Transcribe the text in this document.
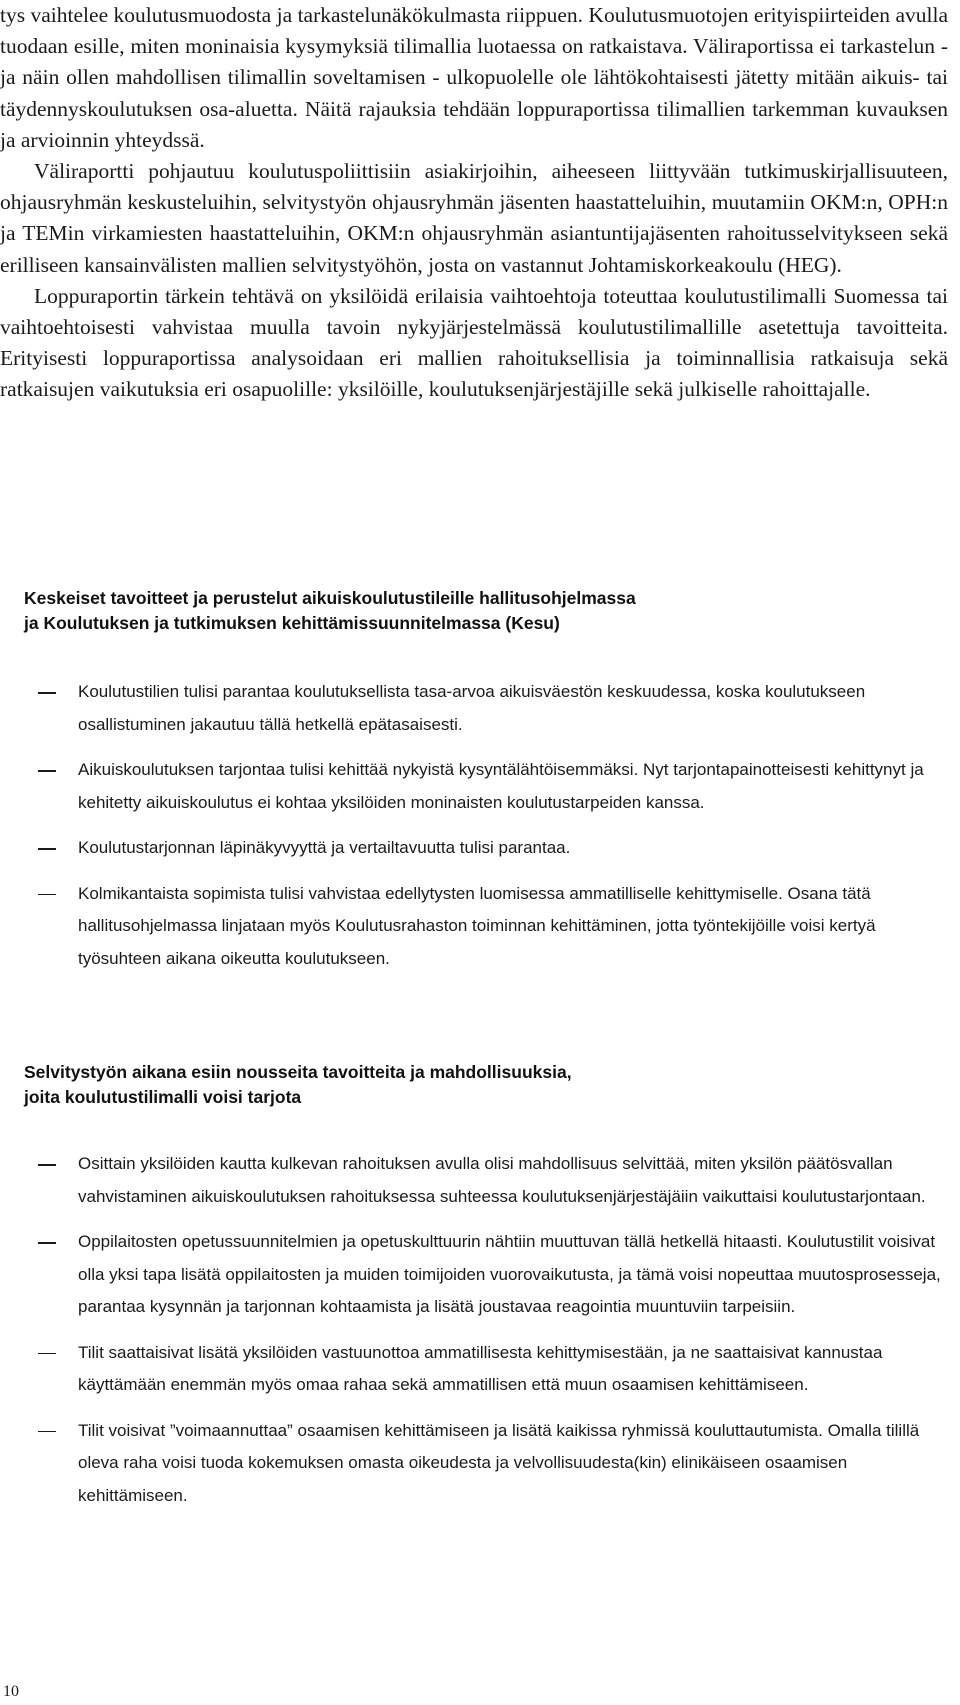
tys vaihtelee koulutusmuodosta ja tarkastelunäkökulmasta riippuen. Koulutusmuotojen erityispiirteiden avulla tuodaan esille, miten moninaisia kysymyksiä tilimallia luotaessa on ratkaistava. Väliraportissa ei tarkastelun - ja näin ollen mahdollisen tilimallin soveltamisen - ulkopuolelle ole lähtökohtaisesti jätetty mitään aikuis- tai täydennyskoulutuksen osa-aluetta. Näitä rajauksia tehdään loppuraportissa tilimallien tarkemman kuvauksen ja arvioinnin yhteydssä.

Väliraportti pohjautuu koulutuspoliittisiin asiakirjoihin, aiheeseen liittyvään tutkimuskirjallisuuteen, ohjausryhmän keskusteluihin, selvitystyön ohjausryhmän jäsenten haastatteluihin, muutamiin OKM:n, OPH:n ja TEMin virkamiesten haastatteluihin, OKM:n ohjausryhmän asiantuntijajäsenten rahoitusselvitykseen sekä erilliseen kansainvälisten mallien selvitystyöhön, josta on vastannut Johtamiskorkeakoulu (HEG).

Loppuraportin tärkein tehtävä on yksilöidä erilaisia vaihtoehtoja toteuttaa koulutustilimalli Suomessa tai vaihtoehtoisesti vahvistaa muulla tavoin nykyjärjestelmässä koulutustilimallille asetettuja tavoitteita. Erityisesti loppuraportissa analysoidaan eri mallien rahoituksellisia ja toiminnallisia ratkaisuja sekä ratkaisujen vaikutuksia eri osapuolille: yksilöille, koulutuksenjärjestäjille sekä julkiselle rahoittajalle.

Keskeiset tavoitteet ja perustelut aikuiskoulutustileille hallitusohjelmassa
ja Koulutuksen ja tutkimuksen kehittämissuunnitelmassa (Kesu)
Koulutustilien tulisi parantaa koulutuksellista tasa-arvoa aikuisväestön keskuudessa, koska koulutukseen osallistuminen jakautuu tällä hetkellä epätasaisesti.
Aikuiskoulutuksen tarjontaa tulisi kehittää nykyistä kysyntälähtöisemmäksi. Nyt tarjontapainotteisesti kehittynyt ja kehitetty aikuiskoulutus ei kohtaa yksilöiden moninaisten koulutustarpeiden kanssa.
Koulutustarjonnan läpinäkyvyyttä ja vertailtavuutta tulisi parantaa.
Kolmikantaista sopimista tulisi vahvistaa edellytysten luomisessa ammatilliselle kehittymiselle. Osana tätä hallitusohjelmassa linjataan myös Koulutusrahaston toiminnan kehittäminen, jotta työntekijöille voisi kertyä työsuhteen aikana oikeutta koulutukseen.
Selvitystyön aikana esiin nousseita tavoitteita ja mahdollisuuksia,
joita koulutustilimalli voisi tarjota
Osittain yksilöiden kautta kulkevan rahoituksen avulla olisi mahdollisuus selvittää, miten yksilön päätösvallan vahvistaminen aikuiskoulutuksen rahoituksessa suhteessa koulutuksenjärjestäjäiin vaikuttaisi koulutustarjontaan.
Oppilaitosten opetussuunnitelmien ja opetuskulttuurin nähtiin muuttuvan tällä hetkellä hitaasti. Koulutustilit voisivat olla yksi tapa lisätä oppilaitosten ja muiden toimijoiden vuorovaikutusta, ja tämä voisi nopeuttaa muutosprosesseja, parantaa kysynnän ja tarjonnan kohtaamista ja lisätä joustavaa reagointia muuntuviin tarpeisiin.
Tilit saattaisivat lisätä yksilöiden vastuunottoa ammatillisesta kehittymisestään, ja ne saattaisivat kannustaa käyttämään enemmän myös omaa rahaa sekä ammatillisen että muun osaamisen kehittämiseen.
Tilit voisivat ”voimaannuttaa” osaamisen kehittämiseen ja lisätä kaikissa ryhmissä kouluttautumista. Omalla tilillä oleva raha voisi tuoda kokemuksen omasta oikeudesta ja velvollisuudesta(kin) elinikäiseen osaamisen kehittämiseen.
10
